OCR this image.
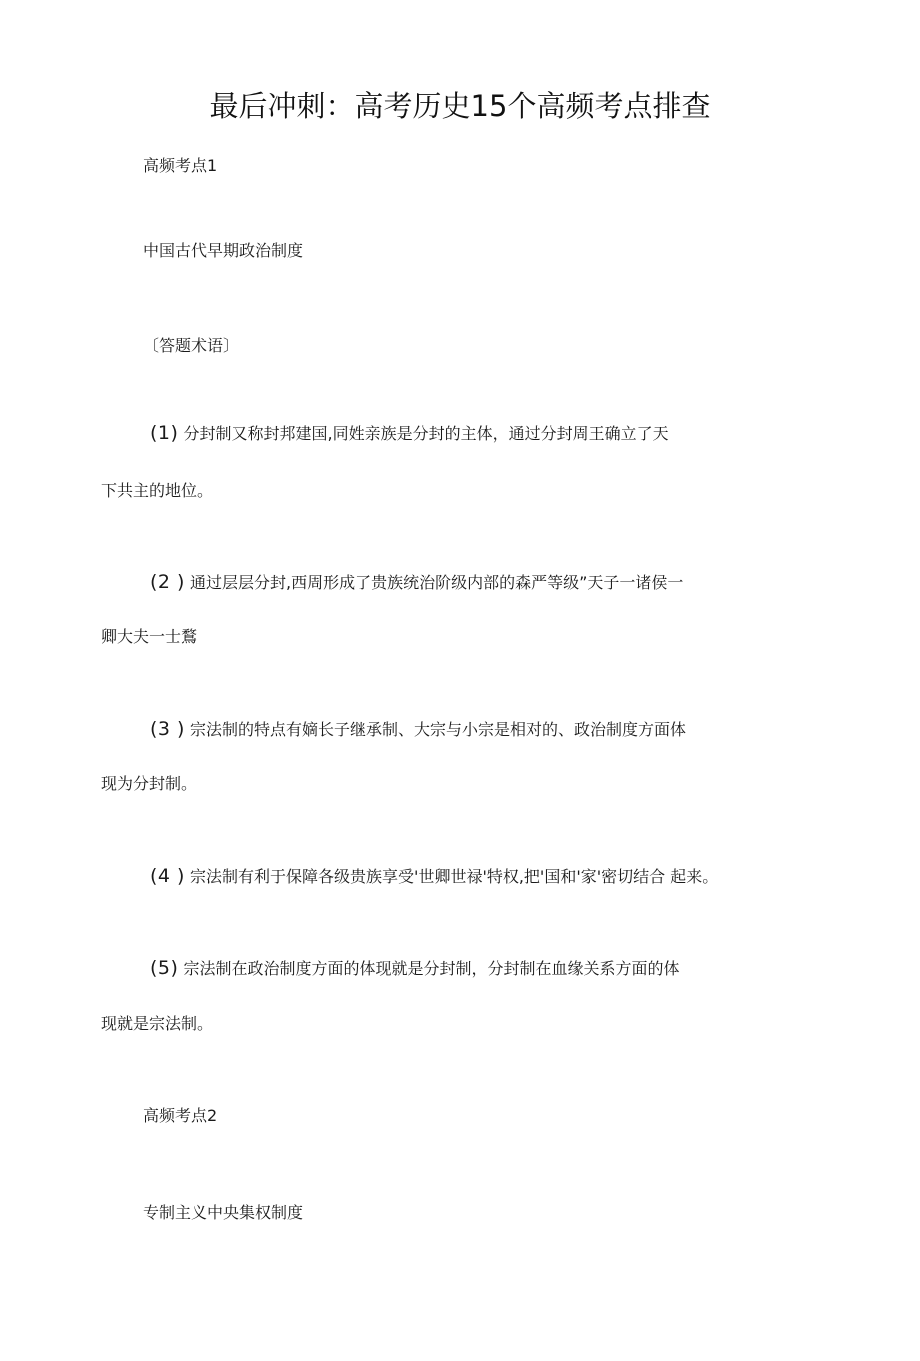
最后冲刺：高考历史15个高频考点排查
高频考点1
中国古代早期政治制度
〔答题术语〕
(1) 分封制又称封邦建国,同姓亲族是分封的主体，通过分封周王确立了天
下共主的地位。
(2 ) 通过层层分封,西周形成了贵族统治阶级内部的森严等级”天子一诸侯一
卿大夫一士鶩
(3 ) 宗法制的特点有嫡长子继承制、大宗与小宗是相对的、政治制度方面体
现为分封制。
(4 ) 宗法制有利于保障各级贵族享受'世卿世禄'特权,把'国和'家'密切结合 起来。
(5) 宗法制在政治制度方面的体现就是分封制，分封制在血缘关系方面的体
现就是宗法制。
高频考点2
专制主义中央集权制度
